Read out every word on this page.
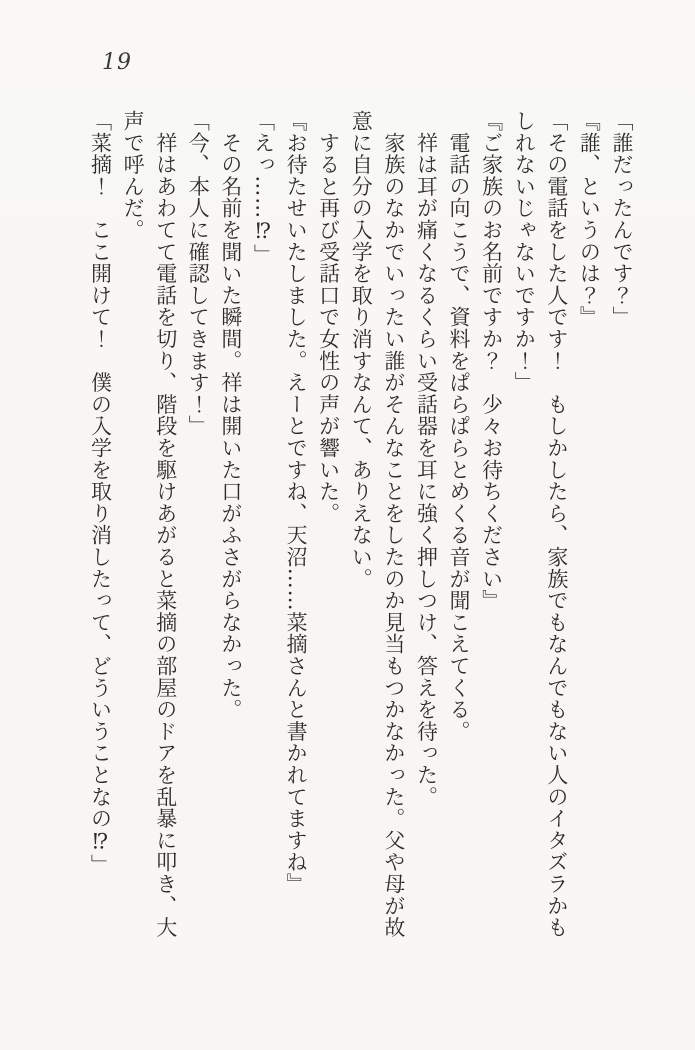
19

「誰だったんです？」

『誰、というのは？』

「その電話をした人です！　もしかしたら、家族でもなんでもない人のイタズラかもしれないじゃないですか！」

『ご家族のお名前ですか？　少々お待ちください』

　電話の向こうで、資料をぱらぱらとめくる音が聞こえてくる。

　祥は耳が痛くなるくらい受話器を耳に強く押しつけ、答えを待った。

　家族のなかでいったい誰がそんなことをしたのか見当もつかなかった。父や母が故意に自分の入学を取り消すなんて、ありえない。

　すると再び受話口で女性の声が響いた。

『お待たせいたしました。えーとですね、天沼……菜摘さんと書かれてますね』

「えっ……⁉」

　その名前を聞いた瞬間。祥は開いた口がふさがらなかった。

「今、本人に確認してきます！」

　祥はあわてて電話を切り、階段を駆けあがると菜摘の部屋のドアを乱暴に叩き、大声で呼んだ。

「菜摘！　ここ開けて！　僕の入学を取り消したって、どういうことなの⁉」
